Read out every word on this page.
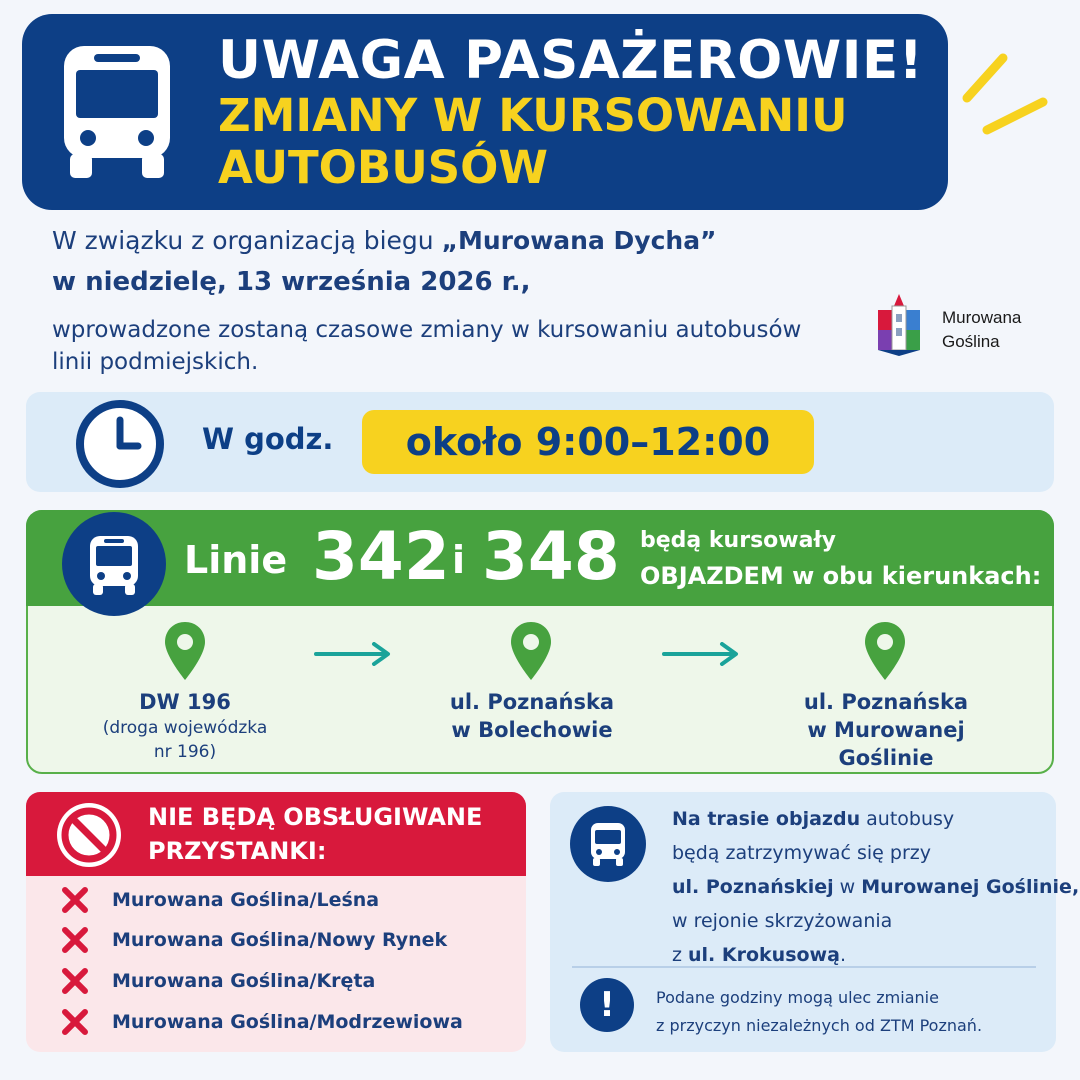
UWAGA PASAŻEROWIE!
ZMIANY W KURSOWANIU
AUTOBUSÓW
W związku z organizacją biegu „Murowana Dycha”
w niedzielę, 13 września 2026 r.,
wprowadzone zostaną czasowe zmiany w kursowaniu autobusów linii podmiejskich.
Murowana
Goślina
W godz.	około 9:00–12:00
Linie 342 i 348 będą kursowały
OBJAZDEM w obu kierunkach:
DW 196
(droga wojewódzka
nr 196)
ul. Poznańska
w Bolechowie
ul. Poznańska
w Murowanej
Goślinie
NIE BĘDĄ OBSŁUGIWANE
PRZYSTANKI:
Murowana Goślina/Leśna
Murowana Goślina/Nowy Rynek
Murowana Goślina/Kręta
Murowana Goślina/Modrzewiowa
Na trasie objazdu autobusy
będą zatrzymywać się przy
ul. Poznańskiej w Murowanej Goślinie,
w rejonie skrzyżowania
z ul. Krokusową.
!	Podane godziny mogą ulec zmianie
z przyczyn niezależnych od ZTM Poznań.
